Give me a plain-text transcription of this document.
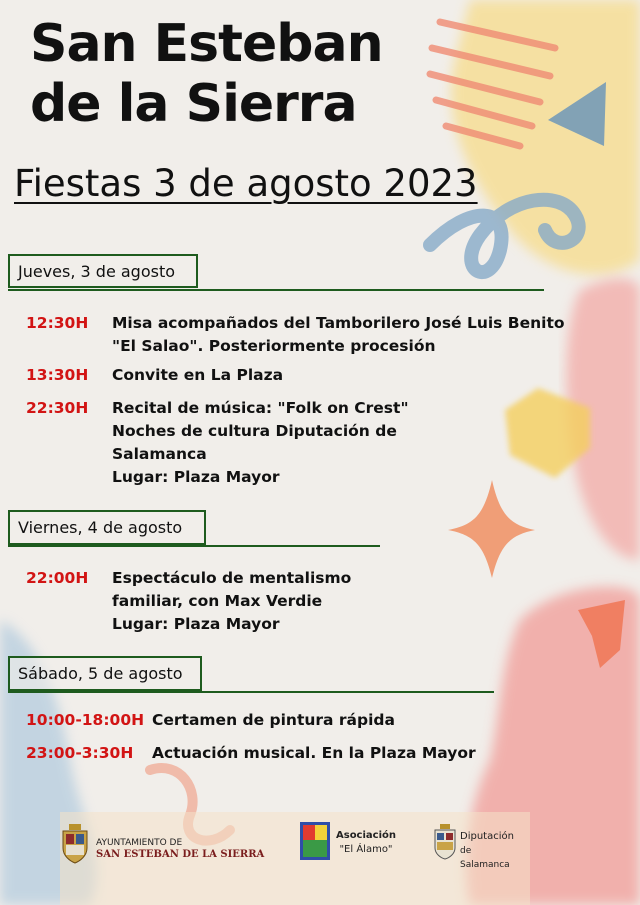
San Esteban
de la Sierra
Fiestas 3 de agosto 2023
Jueves, 3 de agosto
12:30H Misa acompañados del Tamborilero José Luis Benito
"El Salao". Posteriormente procesión
13:30H Convite en La Plaza
22:30H Recital de música: "Folk on Crest"
Noches de cultura Diputación de
Salamanca
Lugar: Plaza Mayor
Viernes, 4 de agosto
22:00H Espectáculo de mentalismo
familiar, con Max Verdie
Lugar: Plaza Mayor
Sábado, 5 de agosto
10:00-18:00H Certamen de pintura rápida
23:00-3:30H Actuación musical. En la Plaza Mayor
AYUNTAMIENTO DE
SAN ESTEBAN DE LA SIERRA
Asociación
"El Álamo"
Diputación
de Salamanca
